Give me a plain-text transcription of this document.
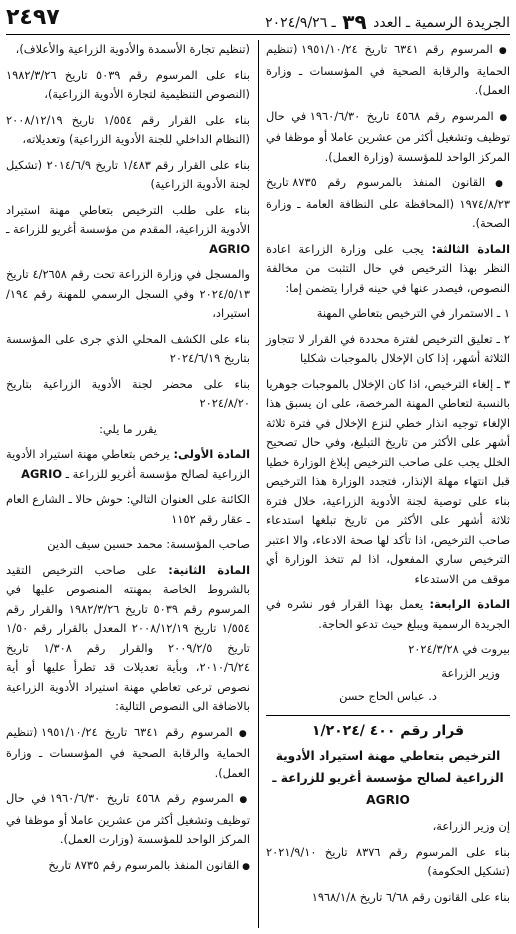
الجريدة الرسمية ـ العدد ٣٩ ـ ٢٠٢٤/٩/٢٦
٢٤٩٧

● المرسوم رقم ٦٣٤١ تاريخ ١٩٥١/١٠/٢٤ (تنظيم الحماية والرقابة الصحية في المؤسسات ـ وزارة العمل).

● المرسوم رقم ٤٥٦٨ تاريخ ١٩٦٠/٦/٣٠ في حال توظيف وتشغيل أكثر من عشرين عاملا أو موظفا في المركز الواحد للمؤسسة (وزارة العمل).

● القانون المنفذ بالمرسوم رقم ٨٧٣٥ تاريخ ١٩٧٤/٨/٢٣ (المحافظة على النظافة العامة ـ وزارة الصحة).

المادة الثالثة: يجب على وزارة الزراعة اعادة النظر بهذا الترخيص في حال التثبت من مخالفة النصوص، فيصدر عنها في حينه قرارا يتضمن إما:

١ ـ الاستمرار في الترخيص بتعاطي المهنة

٢ ـ تعليق الترخيص لفترة محددة في القرار لا تتجاوز الثلاثة أشهر، إذا كان الإخلال بالموجبات شكليا

٣ ـ إلغاء الترخيص، اذا كان الإخلال بالموجبات جوهريا بالنسبة لتعاطي المهنة المرخصة، على ان يسبق هذا الإلغاء توجيه انذار خطي لنزع الإخلال في فترة ثلاثة أشهر على الأكثر من تاريخ التبليغ، وفي حال تصحيح الخلل يجب على صاحب الترخيص إبلاغ الوزارة خطيا قبل انتهاء مهلة الإنذار، فتجدد الوزارة هذا الترخيص بناء على توصية لجنة الأدوية الزراعية، خلال فترة ثلاثة أشهر على الأكثر من تاريخ تبلغها استدعاء صاحب الترخيص، اذا تأكد لها صحة الادعاء، والا اعتبر الترخيص ساري المفعول، اذا لم تتخذ الوزارة أي موقف من الاستدعاء

المادة الرابعة: يعمل بهذا القرار فور نشره في الجريدة الرسمية ويبلغ حيث تدعو الحاجة.

بيروت في ٢٠٢٤/٣/٢٨

وزير الزراعة

د. عباس الحاج حسن

قرار رقم ٤٠٠ /١/٢٠٢٤

الترخيص بتعاطي مهنة استيراد الأدوية الزراعية لصالح مؤسسة أغريو للزراعة ـ AGRIO

إن وزير الزراعة،

بناء على المرسوم رقم ٨٣٧٦ تاريخ ٢٠٢١/٩/١٠ (تشكيل الحكومة)

بناء على القانون رقم ٦/٦٨ تاريخ ١٩٦٨/١/٨

(تنظيم تجارة الأسمدة والأدوية الزراعية والأعلاف)،

بناء على المرسوم رقم ٥٠٣٩ تاريخ ١٩٨٢/٣/٢٦ (النصوص التنظيمية لتجارة الأدوية الزراعية)،

بناء على القرار رقم ١/٥٥٤ تاريخ ٢٠٠٨/١٢/١٩ (النظام الداخلي للجنة الأدوية الزراعية) وتعديلاته،

بناء على القرار رقم ١/٤٨٣ تاريخ ٢٠١٤/٦/٩ (تشكيل لجنة الأدوية الزراعية)

بناء على طلب الترخيص بتعاطي مهنة استيراد الأدوية الزراعية، المقدم من مؤسسة أغريو للزراعة ـ AGRIO

والمسجل في وزارة الزراعة تحت رقم ٤/٢٦٥٨ تاريخ ٢٠٢٤/٥/١٣ وفي السجل الرسمي للمهنة رقم ١٩٤/استيراد،

بناء على الكشف المحلي الذي جرى على المؤسسة بتاريخ ٢٠٢٤/٦/١٩

بناء على محضر لجنة الأدوية الزراعية بتاريخ ٢٠٢٤/٨/٢٠

يقرر ما يلي:

المادة الأولى: يرخص بتعاطي مهنة استيراد الأدوية الزراعية لصالح مؤسسة أغريو للزراعة ـ AGRIO

الكائنة على العنوان التالي: حوش حالا ـ الشارع العام ـ عقار رقم ١١٥٢

صاحب المؤسسة: محمد حسين سيف الدين

المادة الثانية: على صاحب الترخيص التقيد بالشروط الخاصة بمهنته المنصوص عليها في المرسوم رقم ٥٠٣٩ تاريخ ١٩٨٢/٣/٢٦ والقرار رقم ١/٥٥٤ تاريخ ٢٠٠٨/١٢/١٩ المعدل بالقرار رقم ١/٥٠ تاريخ ٢٠٠٩/٢/٥ والقرار رقم ١/٣٠٨ تاريخ ٢٠١٠/٦/٢٤، وبأية تعديلات قد تطرأ عليها أو أية نصوص ترعى تعاطي مهنة استيراد الأدوية الزراعية بالاضافة الى النصوص التالية:

● المرسوم رقم ٦٣٤١ تاريخ ١٩٥١/١٠/٢٤ (تنظيم الحماية والرقابة الصحية في المؤسسات ـ وزارة العمل).

● المرسوم رقم ٤٥٦٨ تاريخ ١٩٦٠/٦/٣٠ في حال توظيف وتشغيل أكثر من عشرين عاملا أو موظفا في المركز الواحد للمؤسسة (وزارت العمل).

● القانون المنفذ بالمرسوم رقم ٨٧٣٥ تاريخ
